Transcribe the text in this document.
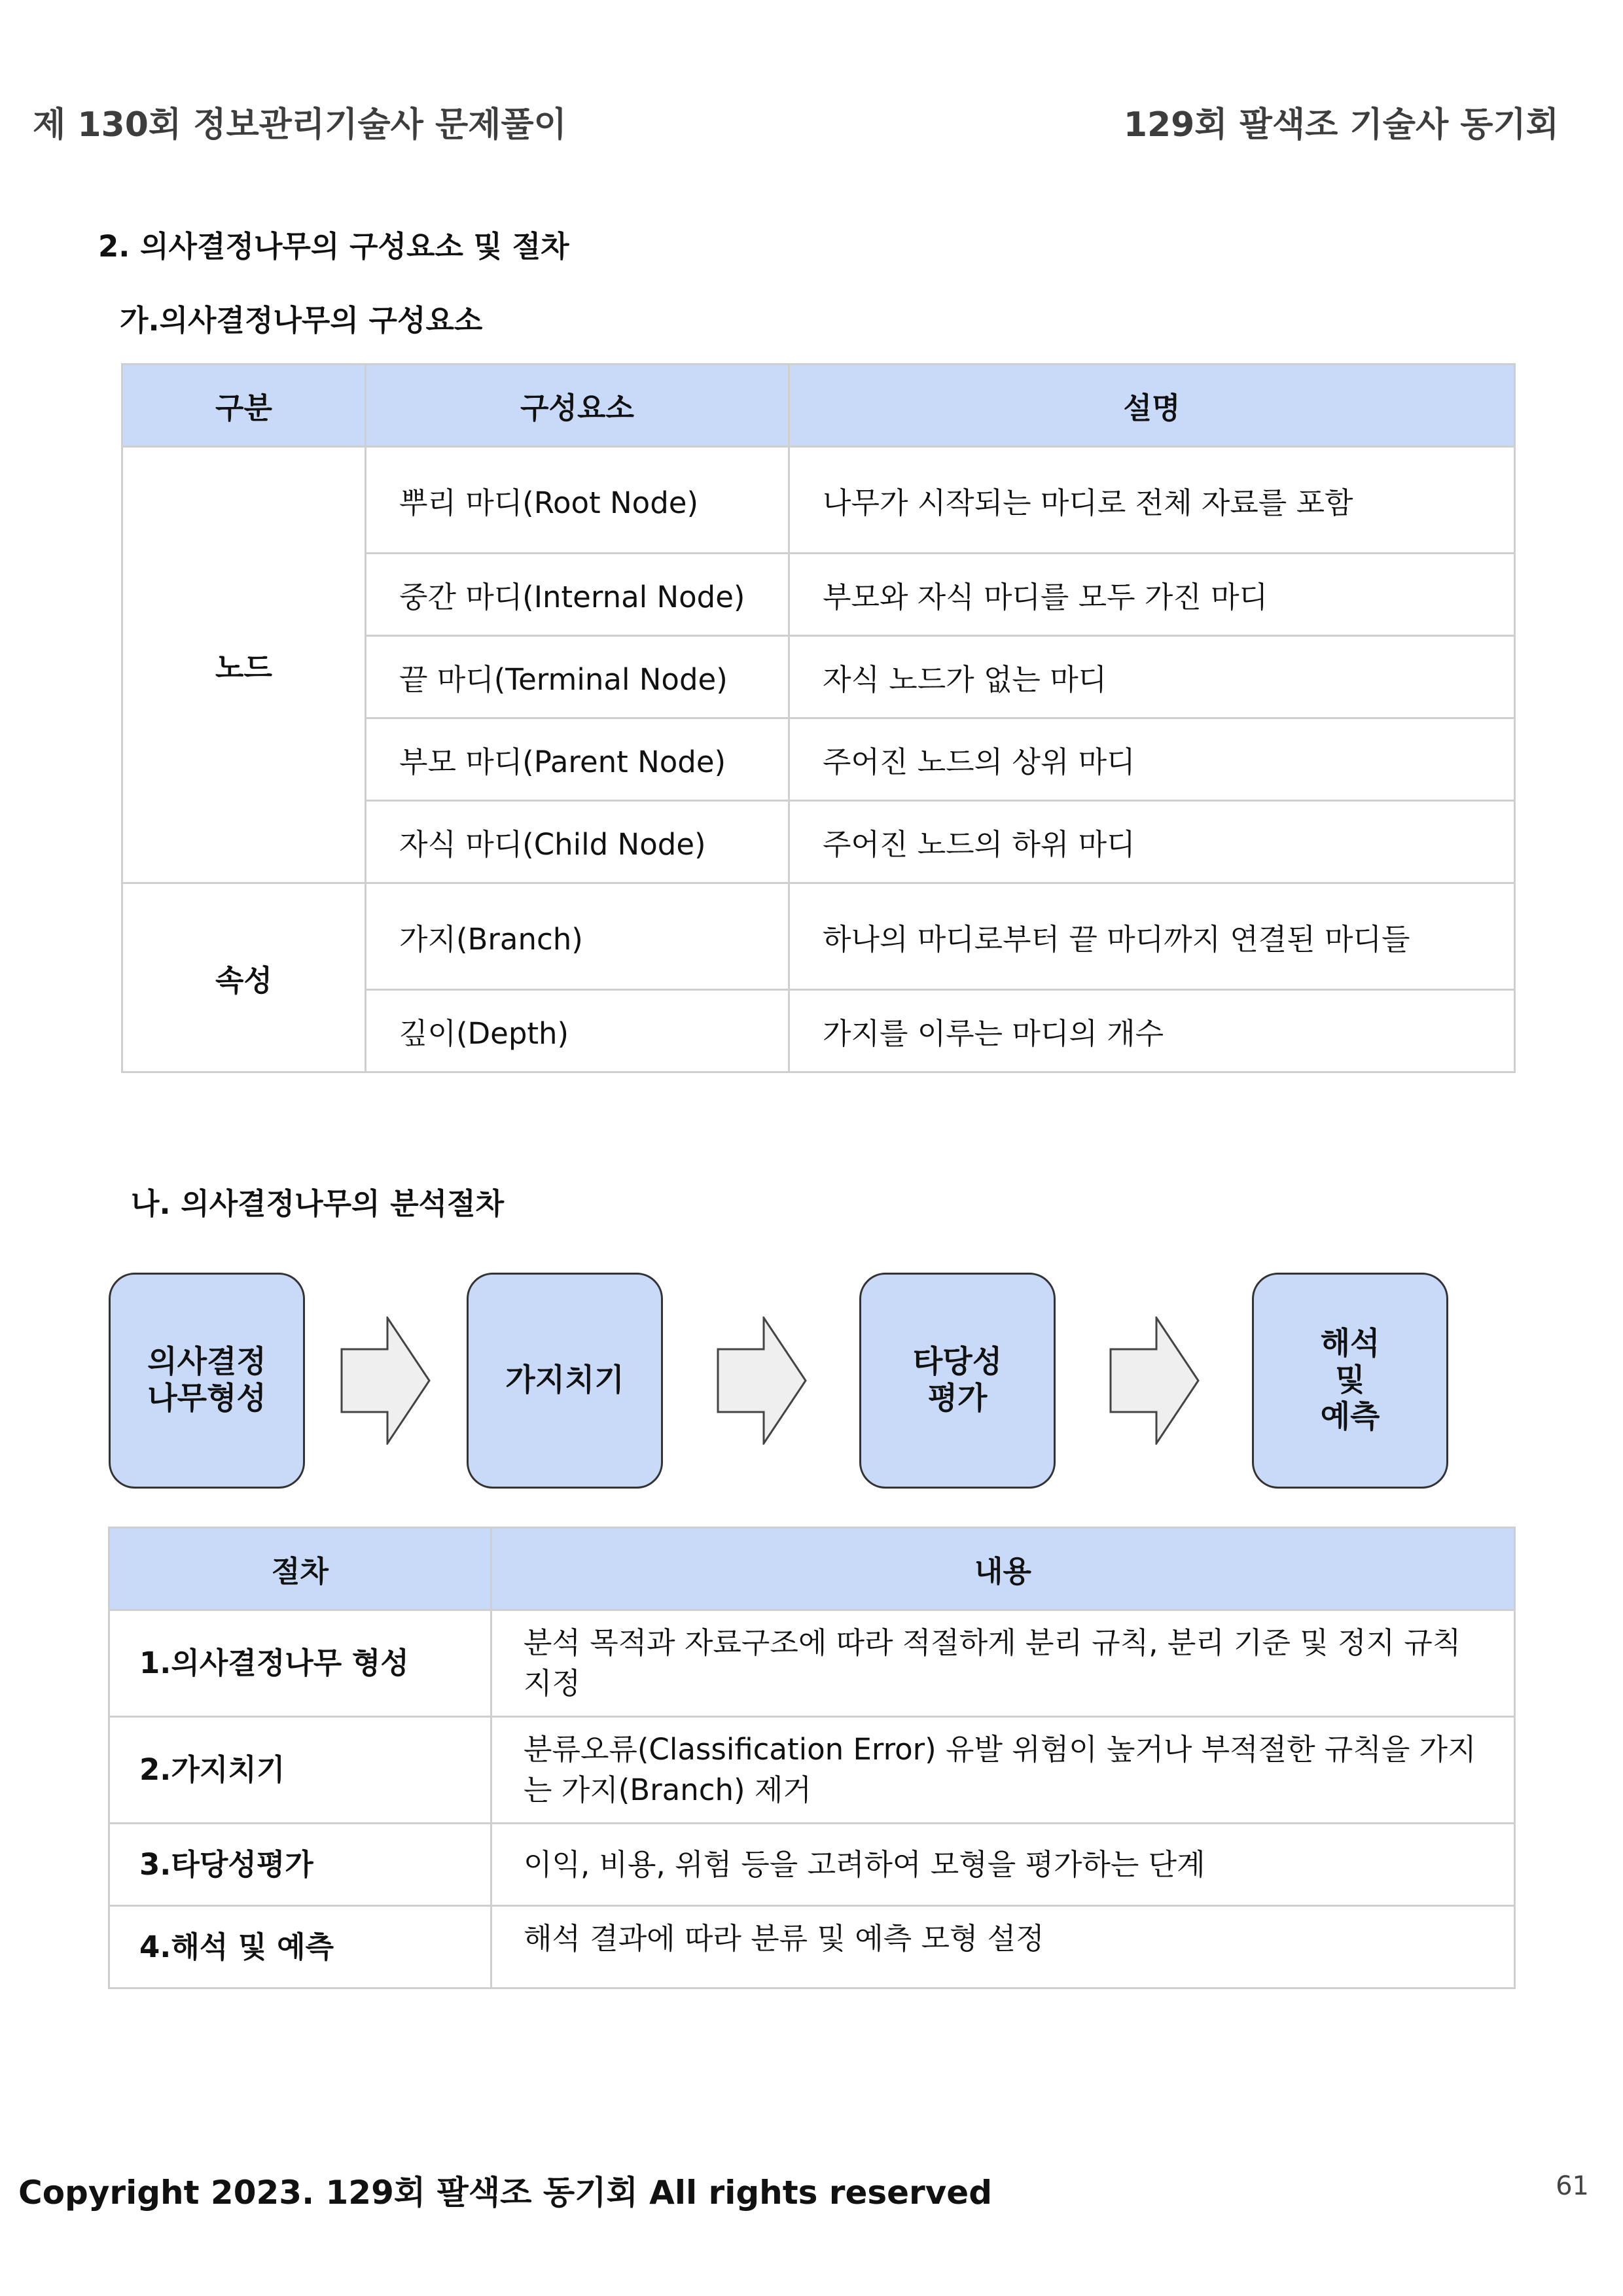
제 130회 정보관리기술사 문제풀이	129회 팔색조 기술사 동기회
2. 의사결정나무의 구성요소 및 절차
가.의사결정나무의 구성요소
구분	구성요소	설명
노드	뿌리 마디(Root Node)	나무가 시작되는 마디로 전체 자료를 포함
	중간 마디(Internal Node)	부모와 자식 마디를 모두 가진 마디
	끝 마디(Terminal Node)	자식 노드가 없는 마디
	부모 마디(Parent Node)	주어진 노드의 상위 마디
	자식 마디(Child Node)	주어진 노드의 하위 마디
속성	가지(Branch)	하나의 마디로부터 끝 마디까지 연결된 마디들
	깊이(Depth)	가지를 이루는 마디의 개수
나. 의사결정나무의 분석절차
의사결정
나무형성
가지치기
타당성
평가
해석
및
예측
절차	내용
1.의사결정나무 형성	분석 목적과 자료구조에 따라 적절하게 분리 규칙, 분리 기준 및 정지 규칙 지정
2.가지치기	분류오류(Classification Error) 유발 위험이 높거나 부적절한 규칙을 가지는 가지(Branch) 제거
3.타당성평가	이익, 비용, 위험 등을 고려하여 모형을 평가하는 단계
4.해석 및 예측	해석 결과에 따라 분류 및 예측 모형 설정
Copyright 2023. 129회 팔색조 동기회 All rights reserved	61
